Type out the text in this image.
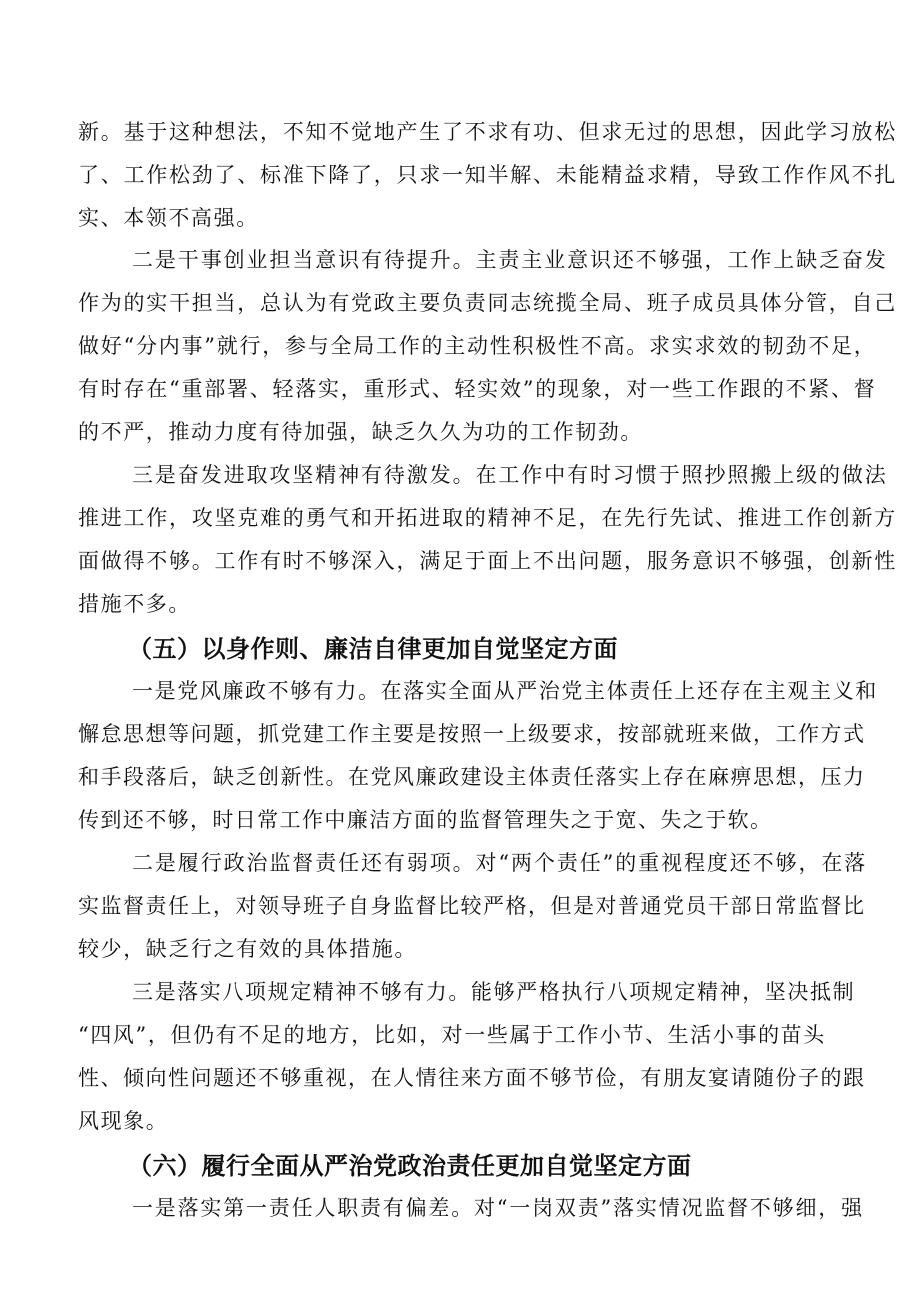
新。基于这种想法，不知不觉地产生了不求有功、但求无过的思想，因此学习放松

了、工作松劲了、标准下降了，只求一知半解、未能精益求精，导致工作作风不扎

实、本领不高强。

二是干事创业担当意识有待提升。主责主业意识还不够强，工作上缺乏奋发

作为的实干担当，总认为有党政主要负责同志统揽全局、班子成员具体分管，自己

做好“分内事”就行，参与全局工作的主动性积极性不高。求实求效的韧劲不足，

有时存在“重部署、轻落实，重形式、轻实效”的现象，对一些工作跟的不紧、督

的不严，推动力度有待加强，缺乏久久为功的工作韧劲。

三是奋发进取攻坚精神有待激发。在工作中有时习惯于照抄照搬上级的做法

推进工作，攻坚克难的勇气和开拓进取的精神不足，在先行先试、推进工作创新方

面做得不够。工作有时不够深入，满足于面上不出问题，服务意识不够强，创新性

措施不多。

（五）以身作则、廉洁自律更加自觉坚定方面

一是党风廉政不够有力。在落实全面从严治党主体责任上还存在主观主义和

懈怠思想等问题，抓党建工作主要是按照一上级要求，按部就班来做，工作方式

和手段落后，缺乏创新性。在党风廉政建设主体责任落实上存在麻痹思想，压力

传到还不够，时日常工作中廉洁方面的监督管理失之于宽、失之于软。

二是履行政治监督责任还有弱项。对“两个责任”的重视程度还不够，在落

实监督责任上，对领导班子自身监督比较严格，但是对普通党员干部日常监督比

较少，缺乏行之有效的具体措施。

三是落实八项规定精神不够有力。能够严格执行八项规定精神，坚决抵制

“四风”，但仍有不足的地方，比如，对一些属于工作小节、生活小事的苗头

性、倾向性问题还不够重视，在人情往来方面不够节俭，有朋友宴请随份子的跟

风现象。

（六）履行全面从严治党政治责任更加自觉坚定方面

一是落实第一责任人职责有偏差。对“一岗双责”落实情况监督不够细，强
